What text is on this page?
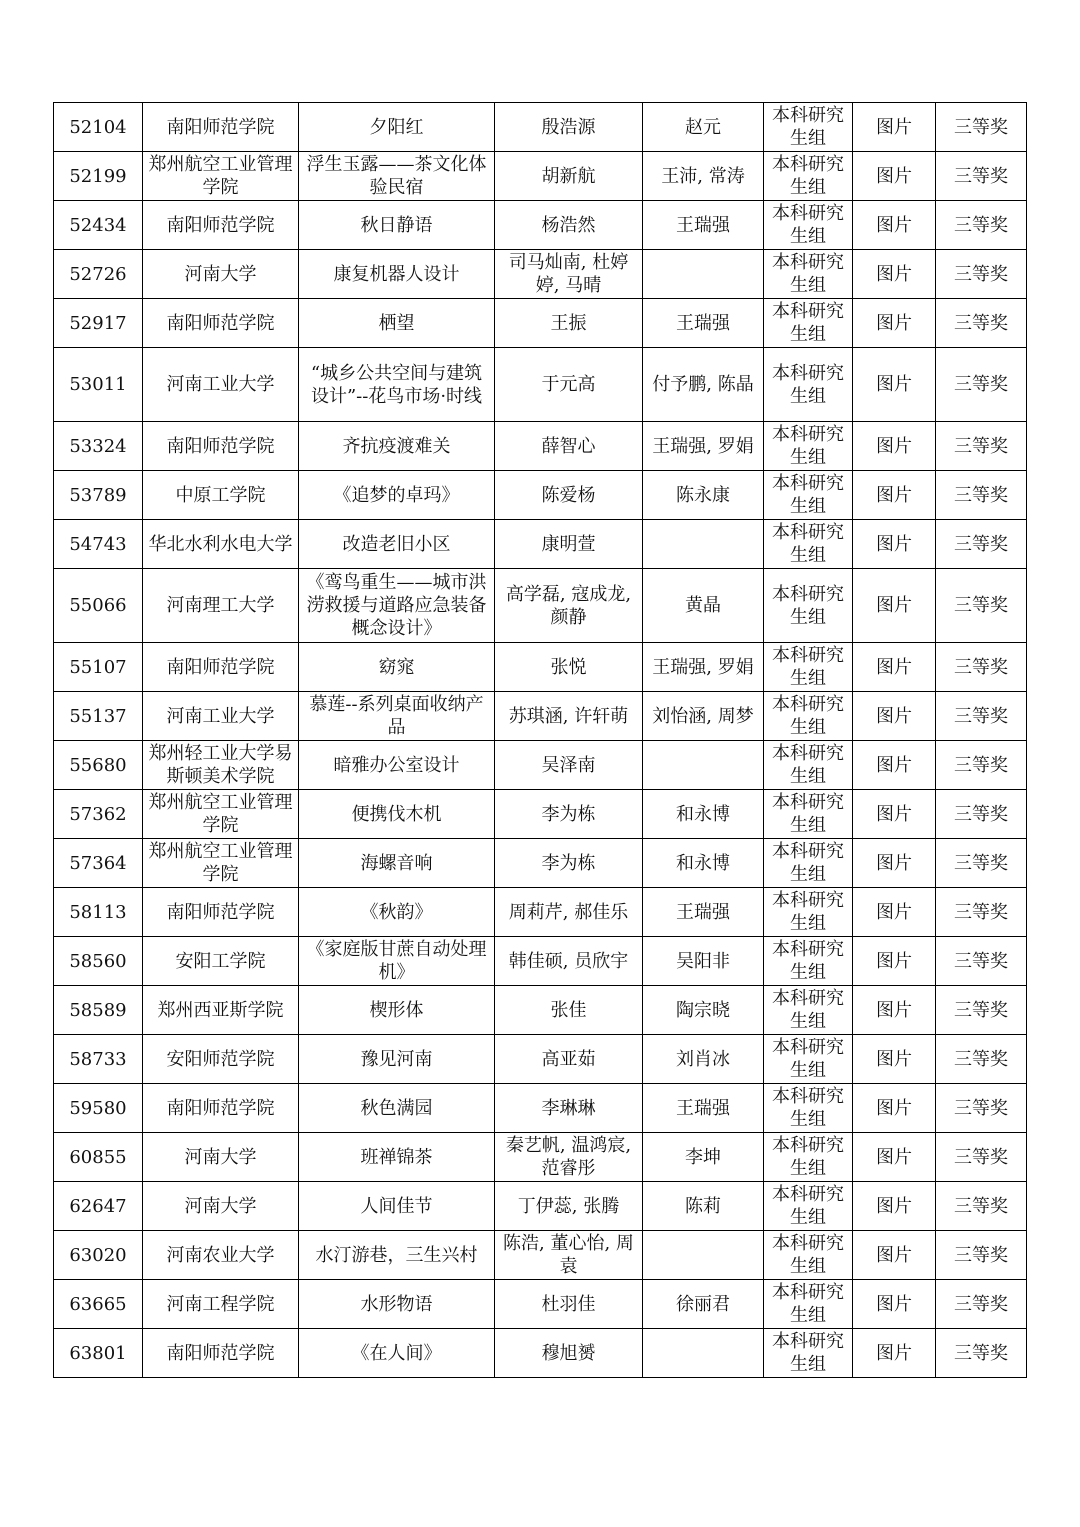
52104	南阳师范学院	夕阳红	殷浩源	赵元	本科研究生组	图片	三等奖
52199	郑州航空工业管理学院	浮生玉露——茶文化体验民宿	胡新航	王沛, 常涛	本科研究生组	图片	三等奖
52434	南阳师范学院	秋日静语	杨浩然	王瑞强	本科研究生组	图片	三等奖
52726	河南大学	康复机器人设计	司马灿南, 杜婷婷, 马晴		本科研究生组	图片	三等奖
52917	南阳师范学院	栖望	王振	王瑞强	本科研究生组	图片	三等奖
53011	河南工业大学	“城乡公共空间与建筑设计”--花鸟市场·时线	于元高	付予鹏, 陈晶	本科研究生组	图片	三等奖
53324	南阳师范学院	齐抗疫渡难关	薛智心	王瑞强, 罗娟	本科研究生组	图片	三等奖
53789	中原工学院	《追梦的卓玛》	陈爱杨	陈永康	本科研究生组	图片	三等奖
54743	华北水利水电大学	改造老旧小区	康明萱		本科研究生组	图片	三等奖
55066	河南理工大学	《鸾鸟重生——城市洪涝救援与道路应急装备概念设计》	高学磊, 寇成龙, 颜静	黄晶	本科研究生组	图片	三等奖
55107	南阳师范学院	窈窕	张悦	王瑞强, 罗娟	本科研究生组	图片	三等奖
55137	河南工业大学	慕莲--系列桌面收纳产品	苏琪涵, 许轩萌	刘怡涵, 周梦	本科研究生组	图片	三等奖
55680	郑州轻工业大学易斯顿美术学院	暗雅办公室设计	吴泽南		本科研究生组	图片	三等奖
57362	郑州航空工业管理学院	便携伐木机	李为栋	和永博	本科研究生组	图片	三等奖
57364	郑州航空工业管理学院	海螺音响	李为栋	和永博	本科研究生组	图片	三等奖
58113	南阳师范学院	《秋韵》	周莉芹, 郝佳乐	王瑞强	本科研究生组	图片	三等奖
58560	安阳工学院	《家庭版甘蔗自动处理机》	韩佳硕, 员欣宇	吴阳非	本科研究生组	图片	三等奖
58589	郑州西亚斯学院	楔形体	张佳	陶宗晓	本科研究生组	图片	三等奖
58733	安阳师范学院	豫见河南	高亚茹	刘肖冰	本科研究生组	图片	三等奖
59580	南阳师范学院	秋色满园	李琳琳	王瑞强	本科研究生组	图片	三等奖
60855	河南大学	班禅锦茶	秦艺帆, 温鸿宸, 范睿彤	李坤	本科研究生组	图片	三等奖
62647	河南大学	人间佳节	丁伊蕊, 张腾	陈莉	本科研究生组	图片	三等奖
63020	河南农业大学	水汀游巷，三生兴村	陈浩, 董心怡, 周袁		本科研究生组	图片	三等奖
63665	河南工程学院	水形物语	杜羽佳	徐丽君	本科研究生组	图片	三等奖
63801	南阳师范学院	《在人间》	穆旭赟		本科研究生组	图片	三等奖
